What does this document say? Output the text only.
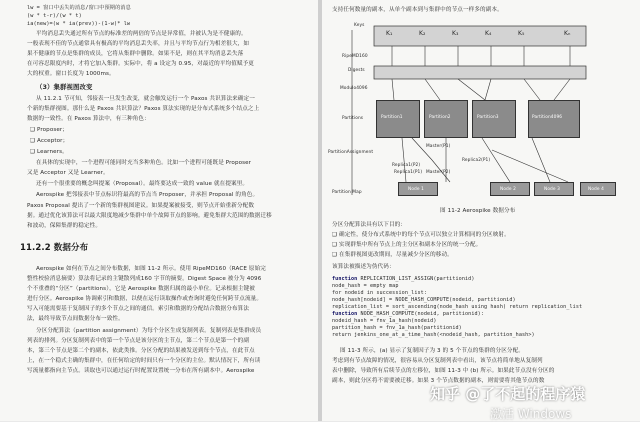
lw = 窗口中丢失的消息/窗口中预期的消息
(w * t-r)/(w * t)
ia(new)=(w * ia(prev))-(1-w)* lw
平均消息丢失通过所有节点的标准差的两倍的节点是异常值，并被认为是不健康的。
一般表现不佳的节点通常具有极高的平均消息丢失率，并且与平均节点行为相差很大，如
果不健康的节点是集群的成员，它将从集群中删除。如果不是，则在其平均消息丢失落
在可容忍限度内时，才将它加入集群。实际中，将 a 设定为 0.95，对最近的平均值赋予更
大的权重。窗口长度为 1000ms。
（3）集群视图改变
从 11.2.1 节可知，邻接表一旦发生改变，就会触发运行一个 Paxos 共识算法来确定一
个新的集群视图。那什么是 Paxos 共识算法？Paxos 算法实现的是分布式系统多个结点之上
数据的一致性。在 Paxos 算法中，有三种角色：
❑ Proposer；
❑ Acceptor；
❑ Learners。
在具体的实现中，一个进程可能同时充当多种角色。比如一个进程可能既是 Proposer
又是 Acceptor 又是 Learner。
还有一个很重要的概念叫提案（Proposal）。最终要达成一致的 value 就在提案里。
Aerospike 把邻接表中节点标识符最高的节点当 Proposer，并承担 Proposal 的角色。
Paxos Proposal 提出了一个新的集群视图建议。如果提案被接受，则节点开始重新分配数
据。通过优化该算法可以最大限度地减少集群中单个故障节点的影响。避免集群大范围的数据迁移
和波动，保障集群的稳定性。
11.2.2 数据分布
Aerospike 如何在节点之间分布数据，如图 11-2 所示。使用 RipeMD160（RACE 原始完
整性校验消息摘要）算法将记录的主键散列成160 字节的摘要。Digest Space 被分为 4096
个不重叠的“分区”（partitions），它是 Aerospike 数据归属的最小单位。记录根据主键被
进行分区。Aerospike 协调索引和数据，以便在运行读取操作或查询时避免任何跨节点流量。
写入可能需要基于复制因子的多个节点之间的通信。索引和数据的分配结合数据分布算法
法，最终导致节点间数据分布一致性。
分区分配算法（partition assignment）为每个分区生成复制列表。复制列表是集群成员
列表的排列。分区复制列表中的第一个节点是该分区的主节点，第二个节点是第一个的副
本，第三个节点是第二个的副本，依此类推。分区分配的结果被发送到每个节点，在此节点
上，在一个稳式主确的集群中，在任何给定的时间只有一个分区的主位。默认情况下，所有读
写流量都指向主节点。读取也可以通过运行时配置设置统一分布在所有副本中。Aerospike
支持任何数量的副本，从单个副本到与集群中的节点一样多的副本。
Keys
RipeMD160
Digests
Modulo4096
Partitions
PartitionAssignment
Partition Map
K₁	K₂	K₃	K₄	K₅	Kₙ
Partition1	Partition2	Partition3	Partition4096
Master(P1)
Replica2(P1)
Replica1(P1) Master(P2)
Replica1(P2)
Node 1	Node 2	Node 3	Node 4
图 11-2 Aerospike 数据分布
分区分配算法具有以下目的：
❑ 确定性，使分布式系统中的每个节点可以独立计算相同的分区映射。
❑ 实现群集中所有节点上的主分区和副本分区的统一分配。
❑ 在集群视图更改期间，尽量减少分区的移动。
该算法被描述为伪代码：
function REPLICATION_LIST_ASSIGN(partitionid)
node_hash = empty map
for nodeid in succession_list:
node_hash[nodeid] = NODE_HASH_COMPUTE(nodeid, partitionid)
replication_list = sort_ascending(node_hash using hash) return replication_list
function NODE_HASH_COMPUTE(nodeid, partitionid):
nodeid_hash = fnv_1a_hash(nodeid)
partition_hash = fnv_1a_hash(partitionid)
return jenkins_one_at_a_time_hash(<nodeid_hash, partition_hash>)
图 11-3 所示，(a) 显示了复制因子为 3 的 5 个节点的集群的分区分配。
考虑到有节点故障的情况，很容易从分区复制列表中看出，该节点将简单地从复制列
表中删除，导致所有后续节点的左移位，如图 11-3 中 (b) 所示。如果此节点没有分区的
副本，则此分区将不需要被迁移。如果 3 个节点数据的副本，则需要将其他节点的数
知乎 @了不起的程序猿
激活 Windows
